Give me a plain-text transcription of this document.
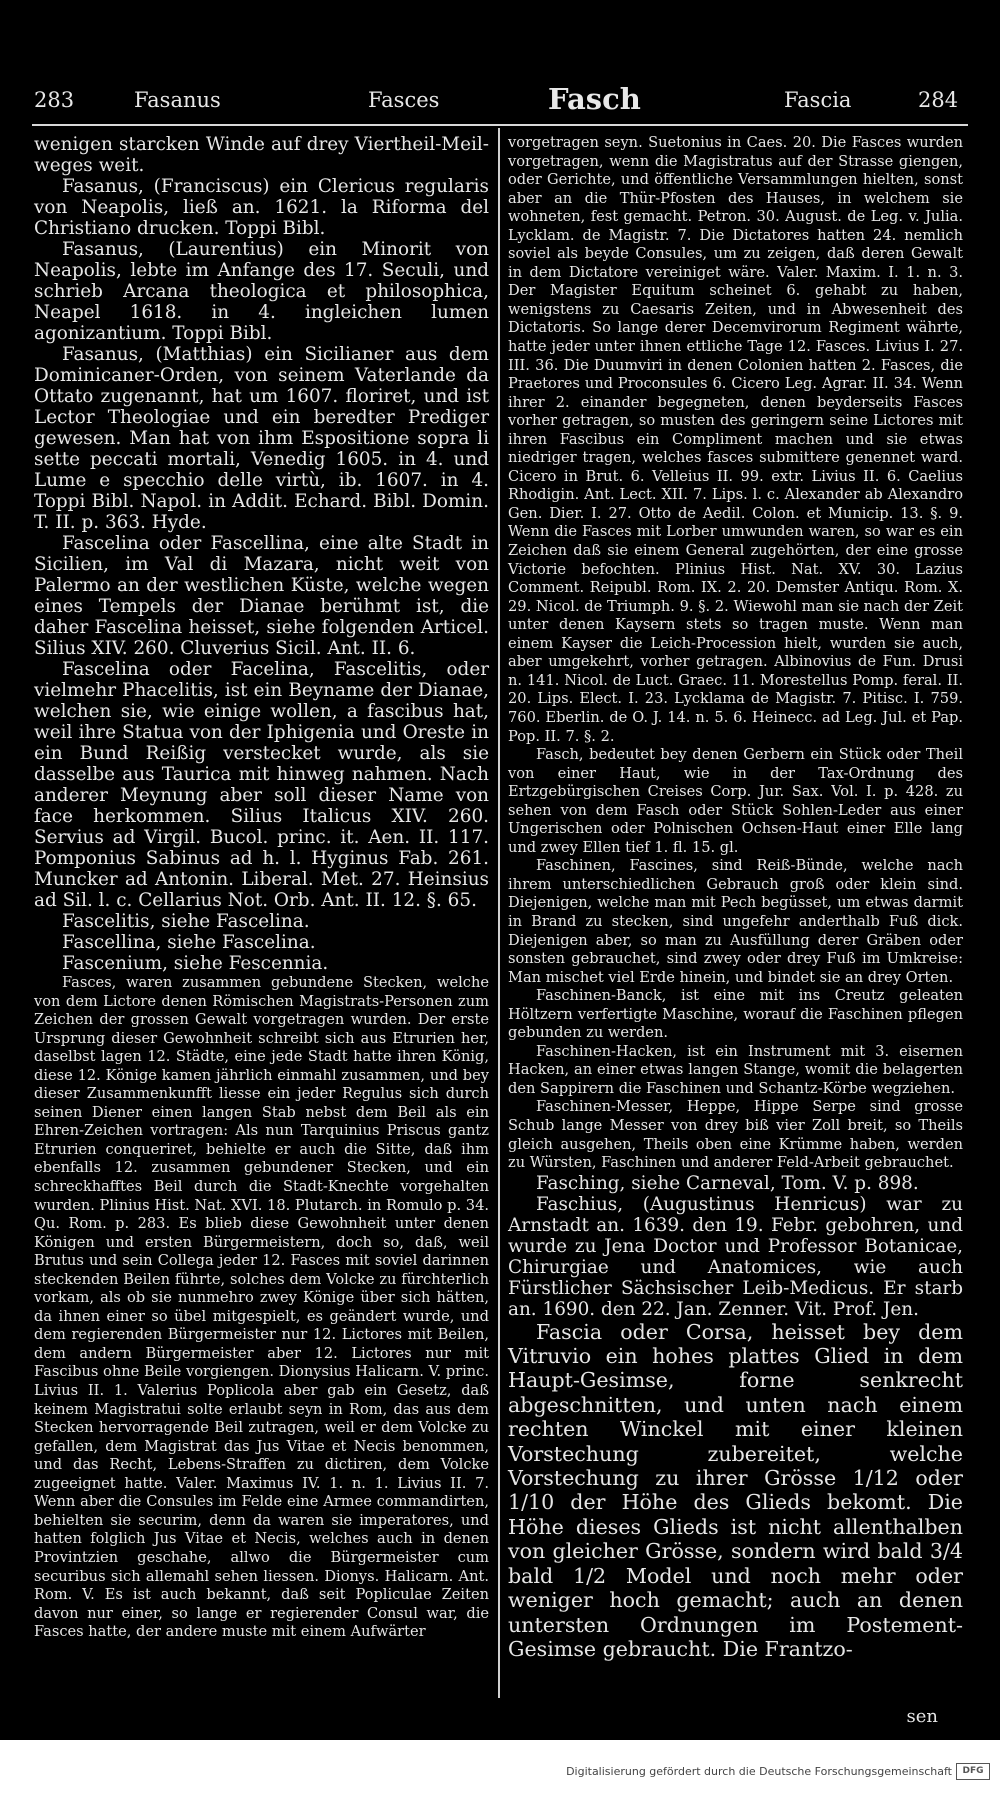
283	Fasanus	Fasces	Fasch	Fascia	284

wenigen starcken Winde auf drey Viertheil-Meil-weges weit.

Fasanus, (Franciscus) ein Clericus regularis von Neapolis, ließ an. 1621. la Riforma del Christiano drucken. Toppi Bibl.

Fasanus, (Laurentius) ein Minorit von Neapolis, lebte im Anfange des 17. Seculi, und schrieb Arcana theologica et philosophica, Neapel 1618. in 4. ingleichen lumen agonizantium. Toppi Bibl.

Fasanus, (Matthias) ein Sicilianer aus dem Dominicaner-Orden, von seinem Vaterlande da Ottato zugenannt, hat um 1607. floriret, und ist Lector Theologiae und ein beredter Prediger gewesen. Man hat von ihm Espositione sopra li sette peccati mortali, Venedig 1605. in 4. und Lume e specchio delle virtù, ib. 1607. in 4. Toppi Bibl. Napol. in Addit. Echard. Bibl. Domin. T. II. p. 363. Hyde.

Fascelina oder Fascellina, eine alte Stadt in Sicilien, im Val di Mazara, nicht weit von Palermo an der westlichen Küste, welche wegen eines Tempels der Dianae berühmt ist, die daher Fascelina heisset, siehe folgenden Articel. Silius XIV. 260. Cluverius Sicil. Ant. II. 6.

Fascelina oder Facelina, Fascelitis, oder vielmehr Phacelitis, ist ein Beyname der Dianae, welchen sie, wie einige wollen, a fascibus hat, weil ihre Statua von der Iphigenia und Oreste in ein Bund Reißig verstecket wurde, als sie dasselbe aus Taurica mit hinweg nahmen. Nach anderer Meynung aber soll dieser Name von face herkommen. Silius Italicus XIV. 260. Servius ad Virgil. Bucol. princ. it. Aen. II. 117. Pomponius Sabinus ad h. l. Hyginus Fab. 261. Muncker ad Antonin. Liberal. Met. 27. Heinsius ad Sil. l. c. Cellarius Not. Orb. Ant. II. 12. §. 65.

Fascelitis, siehe Fascelina.

Fascellina, siehe Fascelina.

Fascenium, siehe Fescennia.

Fasces, waren zusammen gebundene Stecken, welche von dem Lictore denen Römischen Magistrats-Personen zum Zeichen der grossen Gewalt vorgetragen wurden. Der erste Ursprung dieser Gewohnheit schreibt sich aus Etrurien her, daselbst lagen 12. Städte, eine jede Stadt hatte ihren König, diese 12. Könige kamen jährlich einmahl zusammen, und bey dieser Zusammenkunfft liesse ein jeder Regulus sich durch seinen Diener einen langen Stab nebst dem Beil als ein Ehren-Zeichen vortragen: Als nun Tarquinius Priscus gantz Etrurien conqueriret, behielte er auch die Sitte, daß ihm ebenfalls 12. zusammen gebundener Stecken, und ein schreckhafftes Beil durch die Stadt-Knechte vorgehalten wurden. Plinius Hist. Nat. XVI. 18. Plutarch. in Romulo p. 34. Qu. Rom. p. 283. Es blieb diese Gewohnheit unter denen Königen und ersten Bürgermeistern, doch so, daß, weil Brutus und sein Collega jeder 12. Fasces mit soviel darinnen steckenden Beilen führte, solches dem Volcke zu fürchterlich vorkam, als ob sie nunmehro zwey Könige über sich hätten, da ihnen einer so übel mitgespielt, es geändert wurde, und dem regierenden Bürgermeister nur 12. Lictores mit Beilen, dem andern Bürgermeister aber 12. Lictores nur mit Fascibus ohne Beile vorgiengen. Dionysius Halicarn. V. princ. Livius II. 1. Valerius Poplicola aber gab ein Gesetz, daß keinem Magistratui solte erlaubt seyn in Rom, das aus dem Stecken hervorragende Beil zutragen, weil er dem Volcke zu gefallen, dem Magistrat das Jus Vitae et Necis benommen, und das Recht, Lebens-Straffen zu dictiren, dem Volcke zugeeignet hatte. Valer. Maximus IV. 1. n. 1. Livius II. 7. Wenn aber die Consules im Felde eine Armee commandirten, behielten sie securim, denn da waren sie imperatores, und hatten folglich Jus Vitae et Necis, welches auch in denen Provintzien geschahe, allwo die Bürgermeister cum securibus sich allemahl sehen liessen. Dionys. Halicarn. Ant. Rom. V. Es ist auch bekannt, daß seit Popliculae Zeiten davon nur einer, so lange er regierender Consul war, die Fasces hatte, der andere muste mit einem Aufwärter

vorgetragen seyn. Suetonius in Caes. 20. Die Fasces wurden vorgetragen, wenn die Magistratus auf der Strasse giengen, oder Gerichte, und öffentliche Versammlungen hielten, sonst aber an die Thür-Pfosten des Hauses, in welchem sie wohneten, fest gemacht. Petron. 30. August. de Leg. v. Julia. Lycklam. de Magistr. 7. Die Dictatores hatten 24. nemlich soviel als beyde Consules, um zu zeigen, daß deren Gewalt in dem Dictatore vereiniget wäre. Valer. Maxim. I. 1. n. 3. Der Magister Equitum scheinet 6. gehabt zu haben, wenigstens zu Caesaris Zeiten, und in Abwesenheit des Dictatoris. So lange derer Decemvirorum Regiment währte, hatte jeder unter ihnen ettliche Tage 12. Fasces. Livius I. 27. III. 36. Die Duumviri in denen Colonien hatten 2. Fasces, die Praetores und Proconsules 6. Cicero Leg. Agrar. II. 34. Wenn ihrer 2. einander begegneten, denen beyderseits Fasces vorher getragen, so musten des geringern seine Lictores mit ihren Fascibus ein Compliment machen und sie etwas niedriger tragen, welches fasces submittere genennet ward. Cicero in Brut. 6. Velleius II. 99. extr. Livius II. 6. Caelius Rhodigin. Ant. Lect. XII. 7. Lips. l. c. Alexander ab Alexandro Gen. Dier. I. 27. Otto de Aedil. Colon. et Municip. 13. §. 9. Wenn die Fasces mit Lorber umwunden waren, so war es ein Zeichen daß sie einem General zugehörten, der eine grosse Victorie befochten. Plinius Hist. Nat. XV. 30. Lazius Comment. Reipubl. Rom. IX. 2. 20. Demster Antiqu. Rom. X. 29. Nicol. de Triumph. 9. §. 2. Wiewohl man sie nach der Zeit unter denen Kaysern stets so tragen muste. Wenn man einem Kayser die Leich-Procession hielt, wurden sie auch, aber umgekehrt, vorher getragen. Albinovius de Fun. Drusi n. 141. Nicol. de Luct. Graec. 11. Morestellus Pomp. feral. II. 20. Lips. Elect. I. 23. Lycklama de Magistr. 7. Pitisc. I. 759. 760. Eberlin. de O. J. 14. n. 5. 6. Heinecc. ad Leg. Jul. et Pap. Pop. II. 7. §. 2.

Fasch, bedeutet bey denen Gerbern ein Stück oder Theil von einer Haut, wie in der Tax-Ordnung des Ertzgebürgischen Creises Corp. Jur. Sax. Vol. I. p. 428. zu sehen von dem Fasch oder Stück Sohlen-Leder aus einer Ungerischen oder Polnischen Ochsen-Haut einer Elle lang und zwey Ellen tief 1. fl. 15. gl.

Faschinen, Fascines, sind Reiß-Bünde, welche nach ihrem unterschiedlichen Gebrauch groß oder klein sind. Diejenigen, welche man mit Pech begüsset, um etwas darmit in Brand zu stecken, sind ungefehr anderthalb Fuß dick. Diejenigen aber, so man zu Ausfüllung derer Gräben oder sonsten gebrauchet, sind zwey oder drey Fuß im Umkreise: Man mischet viel Erde hinein, und bindet sie an drey Orten.

Faschinen-Banck, ist eine mit ins Creutz geleaten Höltzern verfertigte Maschine, worauf die Faschinen pflegen gebunden zu werden.

Faschinen-Hacken, ist ein Instrument mit 3. eisernen Hacken, an einer etwas langen Stange, womit die belagerten den Sappirern die Faschinen und Schantz-Körbe wegziehen.

Faschinen-Messer, Heppe, Hippe Serpe sind grosse Schub lange Messer von drey biß vier Zoll breit, so Theils gleich ausgehen, Theils oben eine Krümme haben, werden zu Würsten, Faschinen und anderer Feld-Arbeit gebrauchet.

Fasching, siehe Carneval, Tom. V. p. 898.

Faschius, (Augustinus Henricus) war zu Arnstadt an. 1639. den 19. Febr. gebohren, und wurde zu Jena Doctor und Professor Botanicae, Chirurgiae und Anatomices, wie auch Fürstlicher Sächsischer Leib-Medicus. Er starb an. 1690. den 22. Jan. Zenner. Vit. Prof. Jen.

Fascia oder Corsa, heisset bey dem Vitruvio ein hohes plattes Glied in dem Haupt-Gesimse, forne senkrecht abgeschnitten, und unten nach einem rechten Winckel mit einer kleinen Vorstechung zubereitet, welche Vorstechung zu ihrer Grösse 1/12 oder 1/10 der Höhe des Glieds bekomt. Die Höhe dieses Glieds ist nicht allenthalben von gleicher Grösse, sondern wird bald 3/4 bald 1/2 Model und noch mehr oder weniger hoch gemacht; auch an denen untersten Ordnungen im Postement-Gesimse gebraucht. Die Frantzo-

sen
Digitalisierung gefördert durch die Deutsche Forschungsgemeinschaft	DFG
